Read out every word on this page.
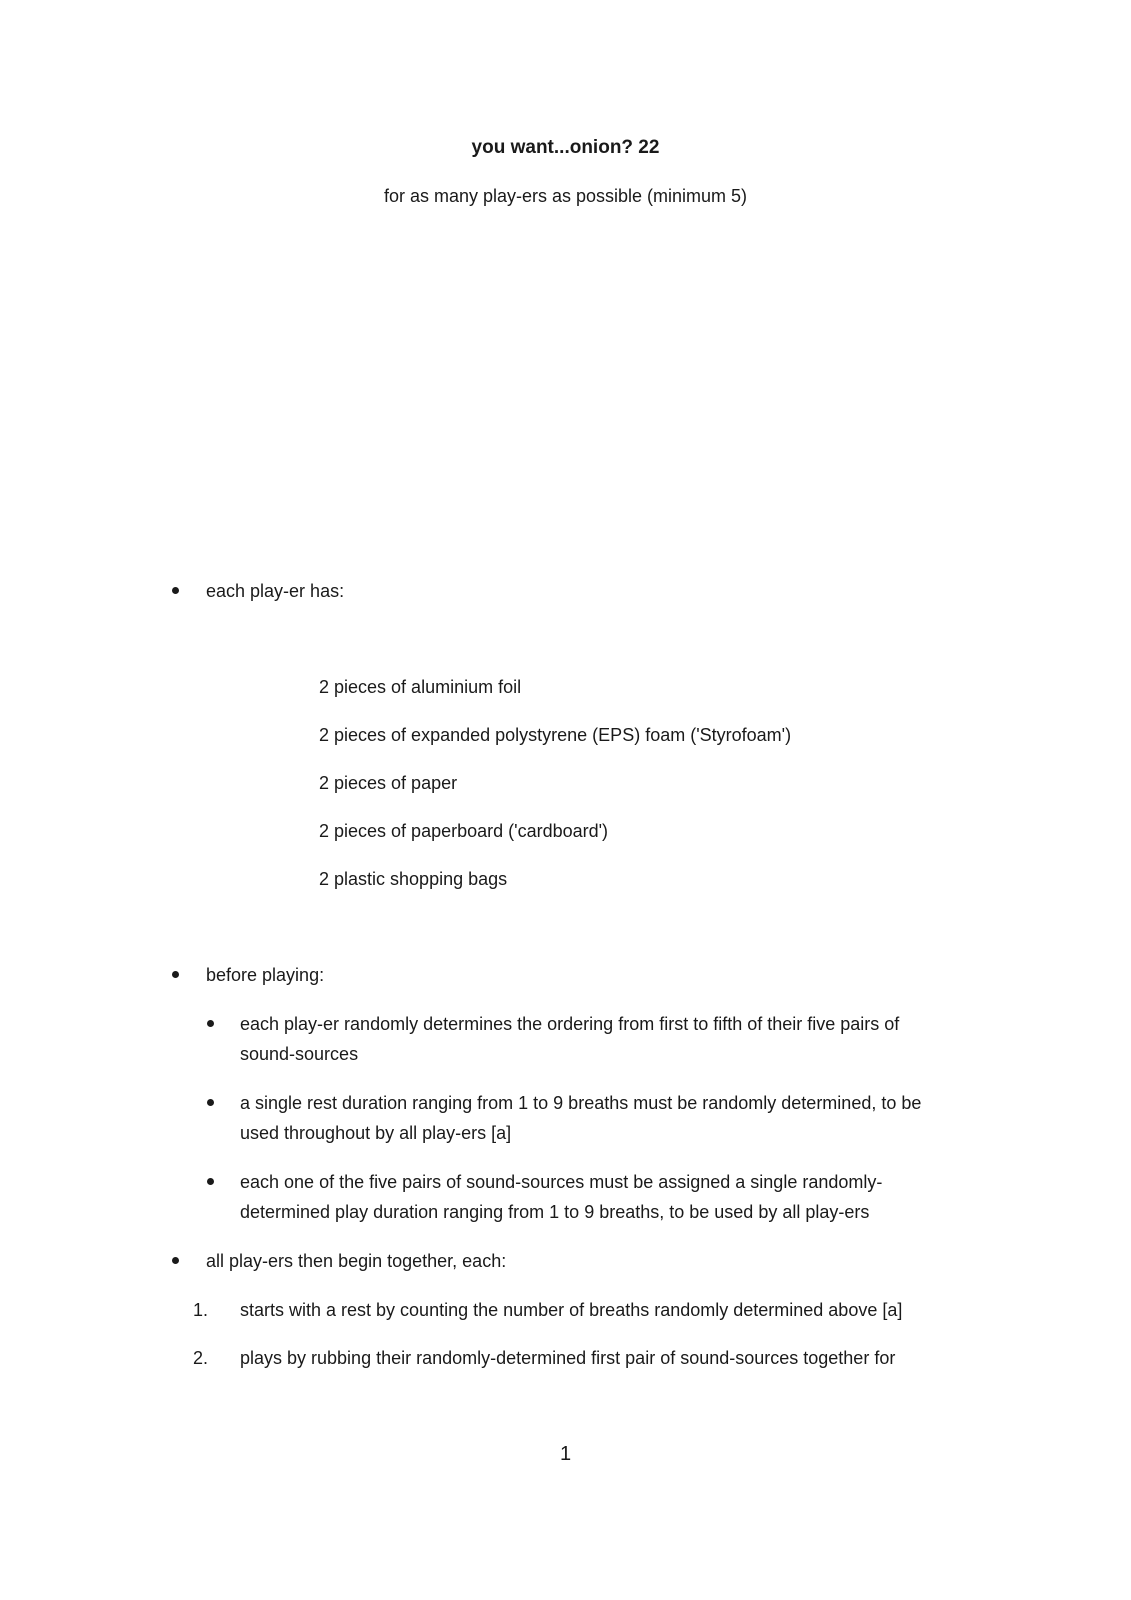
you want...onion? 22
for as many play-ers as possible (minimum 5)
each play-er has:
2 pieces of aluminium foil
2 pieces of expanded polystyrene (EPS) foam ('Styrofoam')
2 pieces of paper
2 pieces of paperboard ('cardboard')
2 plastic shopping bags
before playing:
each play-er randomly determines the ordering from first to fifth of their five pairs of
sound-sources
a single rest duration ranging from 1 to 9 breaths must be randomly determined, to be
used throughout by all play-ers [a]
each one of the five pairs of sound-sources must be assigned a single randomly-
determined play duration ranging from 1 to 9 breaths, to be used by all play-ers
all play-ers then begin together, each:
1. starts with a rest by counting the number of breaths randomly determined above [a]
2. plays by rubbing their randomly-determined first pair of sound-sources together for
1
